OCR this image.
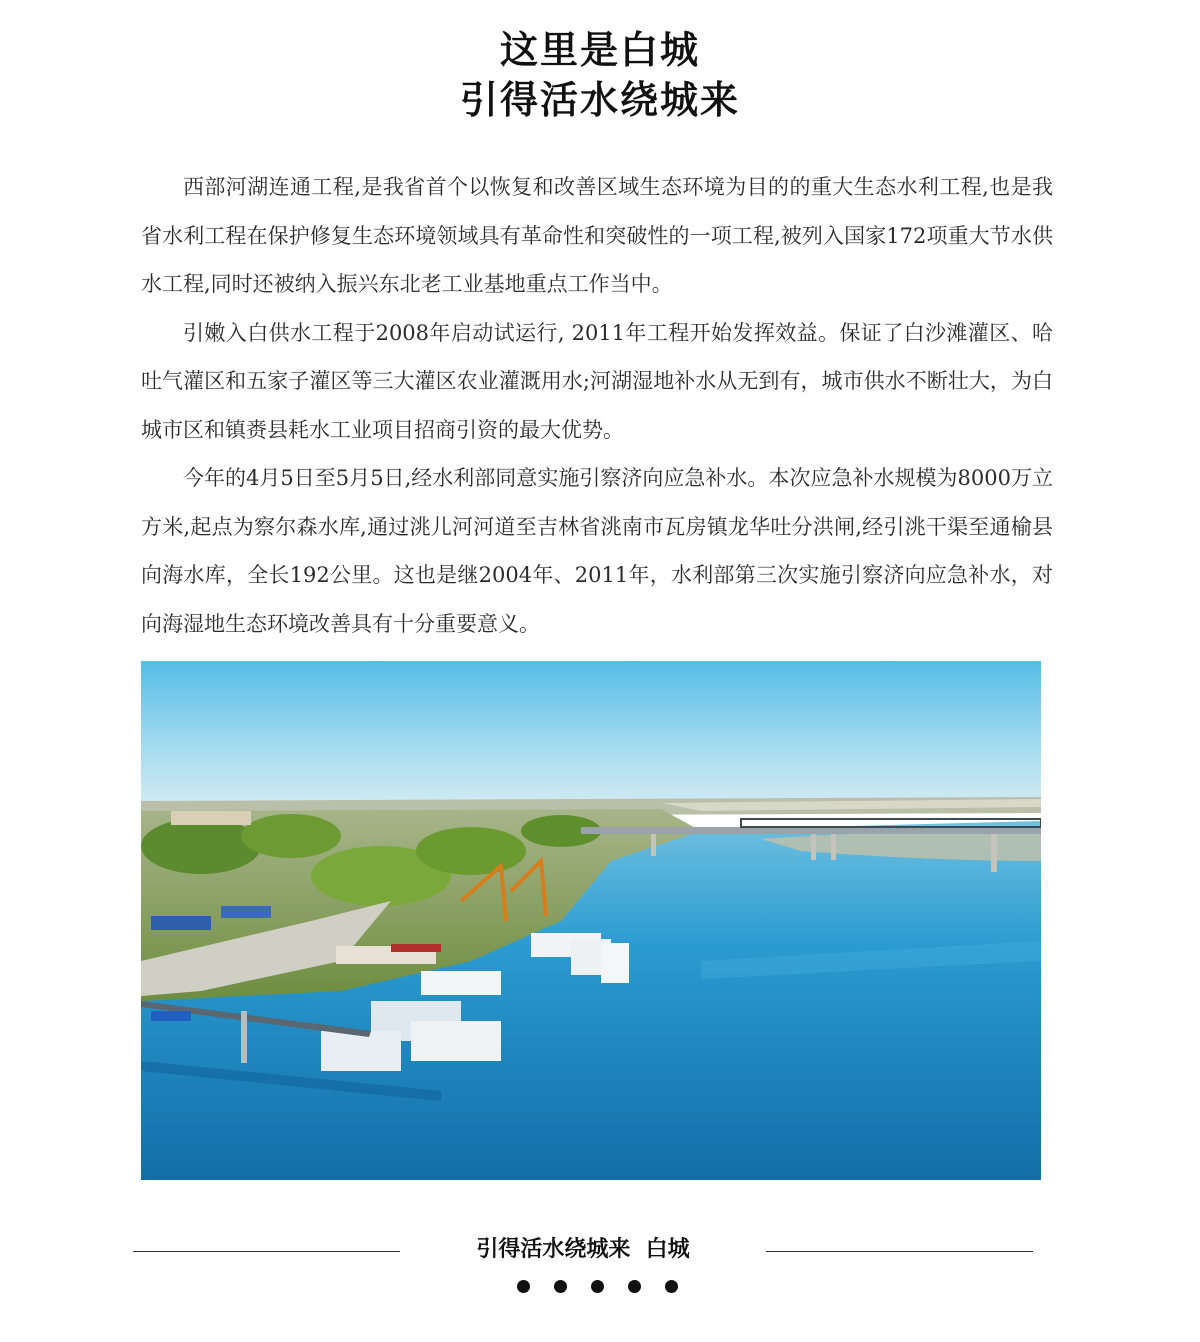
这里是白城
引得活水绕城来

西部河湖连通工程,是我省首个以恢复和改善区域生态环境为目的的重大生态水利工程,也是我省水利工程在保护修复生态环境领域具有革命性和突破性的一项工程,被列入国家172项重大节水供水工程,同时还被纳入振兴东北老工业基地重点工作当中。

引嫩入白供水工程于2008年启动试运行, 2011年工程开始发挥效益。保证了白沙滩灌区、哈吐气灌区和五家子灌区等三大灌区农业灌溉用水;河湖湿地补水从无到有，城市供水不断壮大，为白城市区和镇赉县耗水工业项目招商引资的最大优势。

今年的4月5日至5月5日,经水利部同意实施引察济向应急补水。本次应急补水规模为8000万立方米,起点为察尔森水库,通过洮儿河河道至吉林省洮南市瓦房镇龙华吐分洪闸,经引洮干渠至通榆县向海水库，全长192公里。这也是继2004年、2011年，水利部第三次实施引察济向应急补水，对向海湿地生态环境改善具有十分重要意义。

引得活水绕城来  白城
